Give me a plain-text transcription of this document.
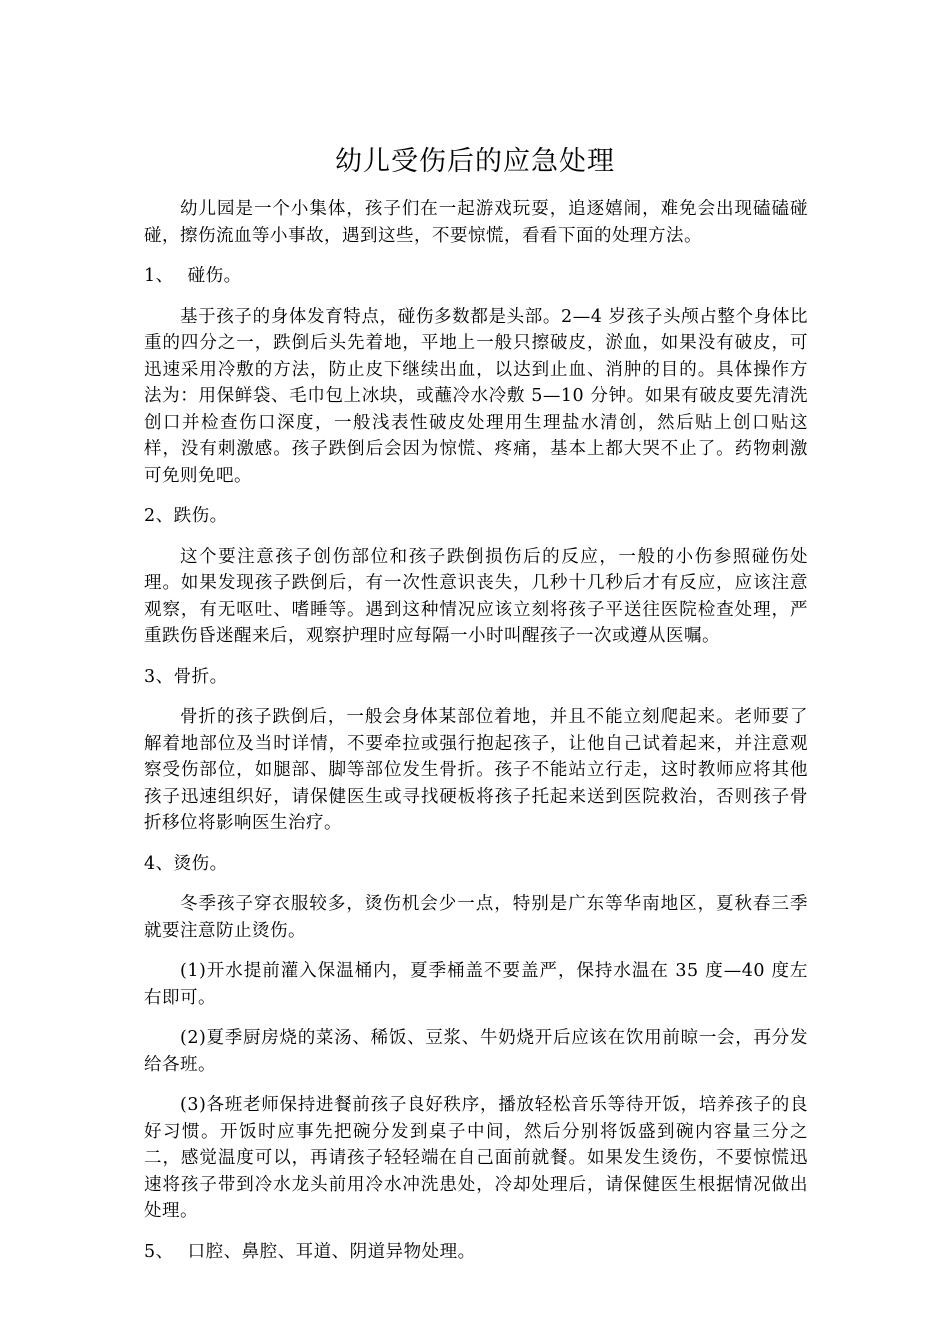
幼儿受伤后的应急处理

幼儿园是一个小集体，孩子们在一起游戏玩耍，追逐嬉闹，难免会出现磕磕碰碰，擦伤流血等小事故，遇到这些，不要惊慌，看看下面的处理方法。

1、 碰伤。

基于孩子的身体发育特点，碰伤多数都是头部。2—4 岁孩子头颅占整个身体比重的四分之一，跌倒后头先着地，平地上一般只擦破皮，淤血，如果没有破皮，可迅速采用冷敷的方法，防止皮下继续出血，以达到止血、消肿的目的。具体操作方法为：用保鲜袋、毛巾包上冰块，或蘸冷水冷敷 5—10 分钟。如果有破皮要先清洗创口并检查伤口深度，一般浅表性破皮处理用生理盐水清创，然后贴上创口贴这样，没有刺激感。孩子跌倒后会因为惊慌、疼痛，基本上都大哭不止了。药物刺激可免则免吧。

2、跌伤。

这个要注意孩子创伤部位和孩子跌倒损伤后的反应，一般的小伤参照碰伤处理。如果发现孩子跌倒后，有一次性意识丧失，几秒十几秒后才有反应，应该注意观察，有无呕吐、嗜睡等。遇到这种情况应该立刻将孩子平送往医院检查处理，严重跌伤昏迷醒来后，观察护理时应每隔一小时叫醒孩子一次或遵从医嘱。

3、骨折。

骨折的孩子跌倒后，一般会身体某部位着地，并且不能立刻爬起来。老师要了解着地部位及当时详情，不要牵拉或强行抱起孩子，让他自己试着起来，并注意观察受伤部位，如腿部、脚等部位发生骨折。孩子不能站立行走，这时教师应将其他孩子迅速组织好，请保健医生或寻找硬板将孩子托起来送到医院救治，否则孩子骨折移位将影响医生治疗。

4、烫伤。

冬季孩子穿衣服较多，烫伤机会少一点，特别是广东等华南地区，夏秋春三季就要注意防止烫伤。

(1)开水提前灌入保温桶内，夏季桶盖不要盖严，保持水温在 35 度—40 度左右即可。

(2)夏季厨房烧的菜汤、稀饭、豆浆、牛奶烧开后应该在饮用前晾一会，再分发给各班。

(3)各班老师保持进餐前孩子良好秩序，播放轻松音乐等待开饭，培养孩子的良好习惯。开饭时应事先把碗分发到桌子中间，然后分别将饭盛到碗内容量三分之二，感觉温度可以，再请孩子轻轻端在自己面前就餐。如果发生烫伤，不要惊慌迅速将孩子带到冷水龙头前用冷水冲洗患处，冷却处理后，请保健医生根据情况做出处理。

5、 口腔、鼻腔、耳道、阴道异物处理。
